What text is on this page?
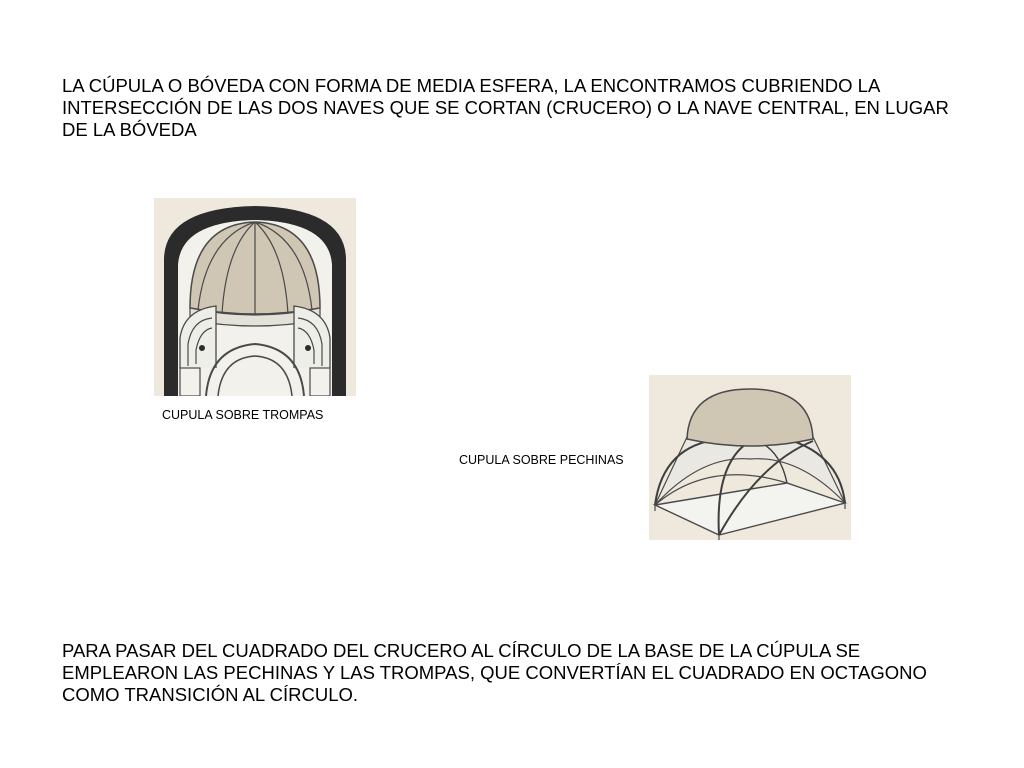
LA CÚPULA O BÓVEDA CON FORMA DE MEDIA ESFERA, LA ENCONTRAMOS CUBRIENDO LA INTERSECCIÓN DE LAS DOS NAVES QUE SE CORTAN (CRUCERO) O LA NAVE CENTRAL, EN LUGAR DE LA BÓVEDA

CUPULA SOBRE TROMPAS
CUPULA SOBRE PECHINAS

PARA PASAR DEL CUADRADO DEL CRUCERO AL CÍRCULO DE LA BASE DE LA CÚPULA SE EMPLEARON LAS PECHINAS Y LAS TROMPAS, QUE CONVERTÍAN EL CUADRADO EN OCTAGONO COMO TRANSICIÓN AL CÍRCULO.
